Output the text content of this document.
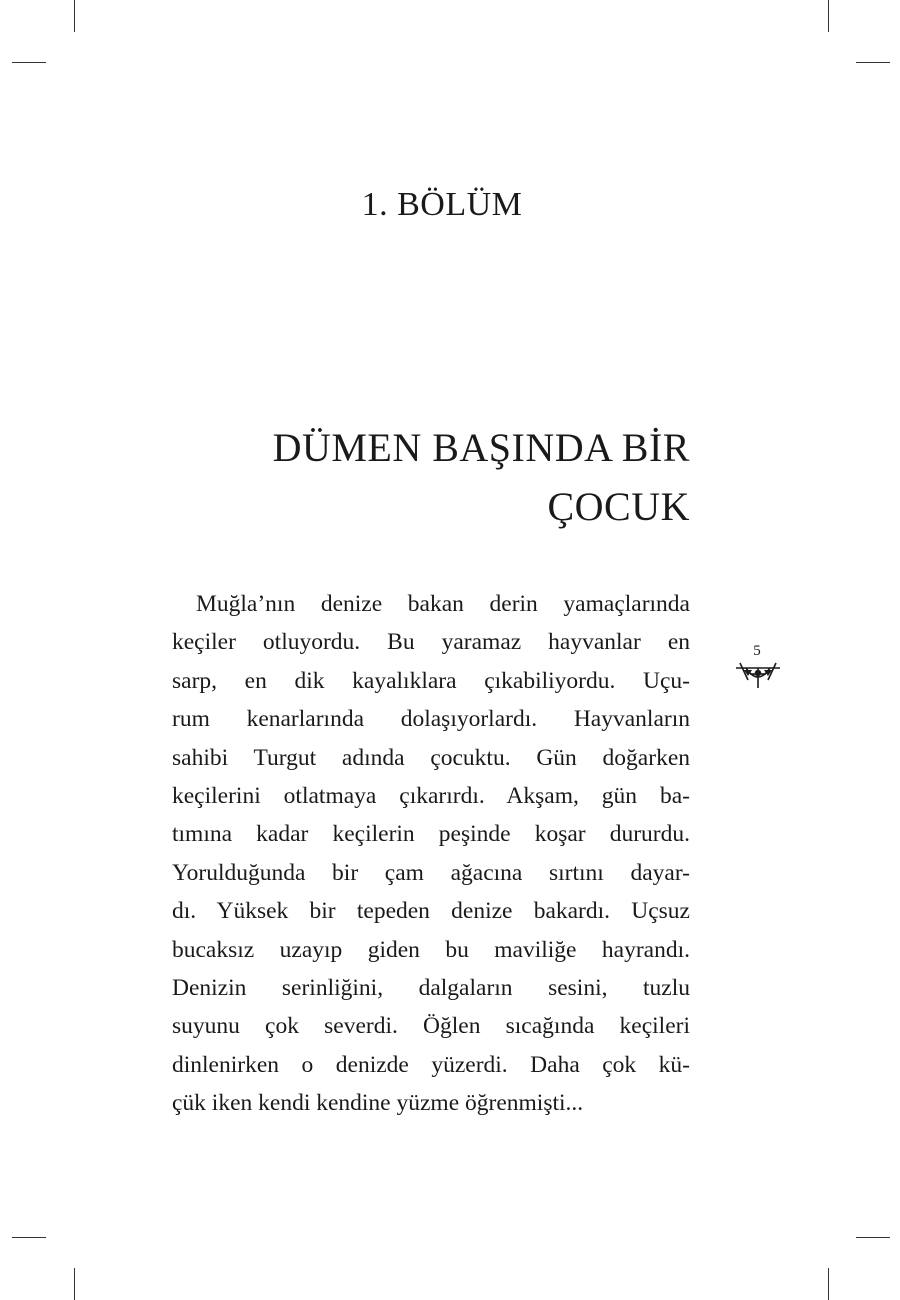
1. BÖLÜM
DÜMEN BAŞINDA BİR
ÇOCUK
Muğla’nın denize bakan derin yamaçlarında
keçiler otluyordu. Bu yaramaz hayvanlar en
sarp, en dik kayalıklara çıkabiliyordu. Uçu-
rum kenarlarında dolaşıyorlardı. Hayvanların
sahibi Turgut adında çocuktu. Gün doğarken
keçilerini otlatmaya çıkarırdı. Akşam, gün ba-
tımına kadar keçilerin peşinde koşar dururdu.
Yorulduğunda bir çam ağacına sırtını dayar-
dı. Yüksek bir tepeden denize bakardı. Uçsuz
bucaksız uzayıp giden bu maviliğe hayrandı.
Denizin serinliğini, dalgaların sesini, tuzlu
suyunu çok severdi. Öğlen sıcağında keçileri
dinlenirken o denizde yüzerdi. Daha çok kü-
çük iken kendi kendine yüzme öğrenmişti...
5
